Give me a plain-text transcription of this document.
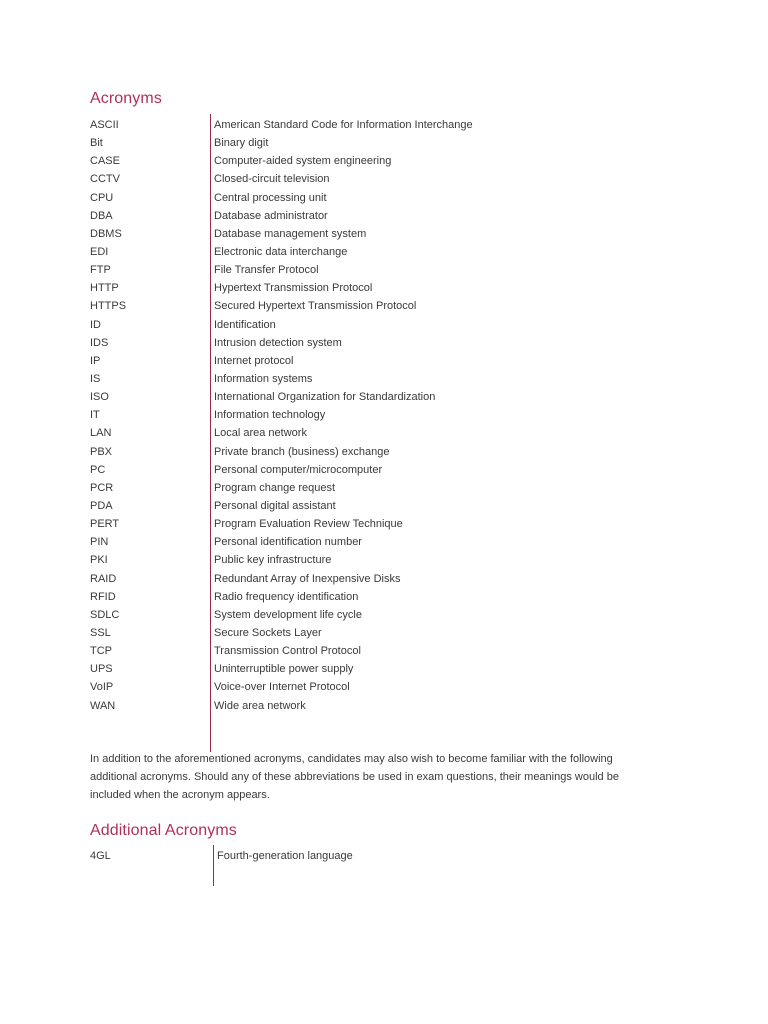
Acronyms
ASCII	American Standard Code for Information Interchange
Bit	Binary digit
CASE	Computer-aided system engineering
CCTV	Closed-circuit television
CPU	Central processing unit
DBA	Database administrator
DBMS	Database management system
EDI	Electronic data interchange
FTP	File Transfer Protocol
HTTP	Hypertext Transmission Protocol
HTTPS	Secured Hypertext Transmission Protocol
ID	Identification
IDS	Intrusion detection system
IP	Internet protocol
IS	Information systems
ISO	International Organization for Standardization
IT	Information technology
LAN	Local area network
PBX	Private branch (business) exchange
PC	Personal computer/microcomputer
PCR	Program change request
PDA	Personal digital assistant
PERT	Program Evaluation Review Technique
PIN	Personal identification number
PKI	Public key infrastructure
RAID	Redundant Array of Inexpensive Disks
RFID	Radio frequency identification
SDLC	System development life cycle
SSL	Secure Sockets Layer
TCP	Transmission Control Protocol
UPS	Uninterruptible power supply
VoIP	Voice-over Internet Protocol
WAN	Wide area network

In addition to the aforementioned acronyms, candidates may also wish to become familiar with the following additional acronyms. Should any of these abbreviations be used in exam questions, their meanings would be included when the acronym appears.

Additional Acronyms
4GL	Fourth-generation language
